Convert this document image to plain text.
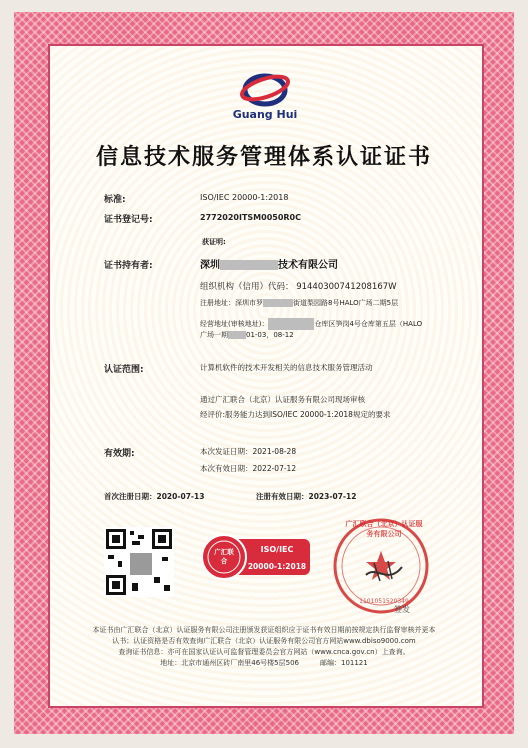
Guang Hui
信息技术服务管理体系认证证书
标准:	ISO/IEC 20000-1:2018
证书登记号:	2772020ITSM0050R0C
获证明:
证书持有者:	深圳	技术有限公司
组织机构（信用）代码： 91440300741208167W
注册地址：深圳市罗	街道梨园路8号HALO广场二期5层
经营地址(审核地址)：	仓库区笋岗4号仓库第五层（HALO
广场一期	01-03，08-12
认证范围:	计算机软件的技术开发相关的信息技术服务管理活动
通过广汇联合（北京）认证服务有限公司现场审核
经评价:服务能力达到ISO/IEC 20000-1:2018规定的要求
有效期:	本次发证日期：2021-08-28
本次有效日期：2022-07-12
首次注册日期：2020-07-13	注册有效日期：2023-07-12
广汇联合
ISO/IEC
20000-1:2018
广汇联合（北京）认证服务有限公司
1101051520349
签发
本证书由广汇联合（北京）认证服务有限公司注册颁发获证组织应于证书有效日期前按规定执行监督审核并更本
认书；认证资格是否有效查询广汇联合（北京）认证服务有限公司官方网站www.dbiso9000.com
查询证书信息：亦可在国家认证认可监督管理委员会官方网站（www.cnca.gov.cn）上查询。
地址：北京市通州区砖厂南里46号楼5层506　　　邮编：101121
